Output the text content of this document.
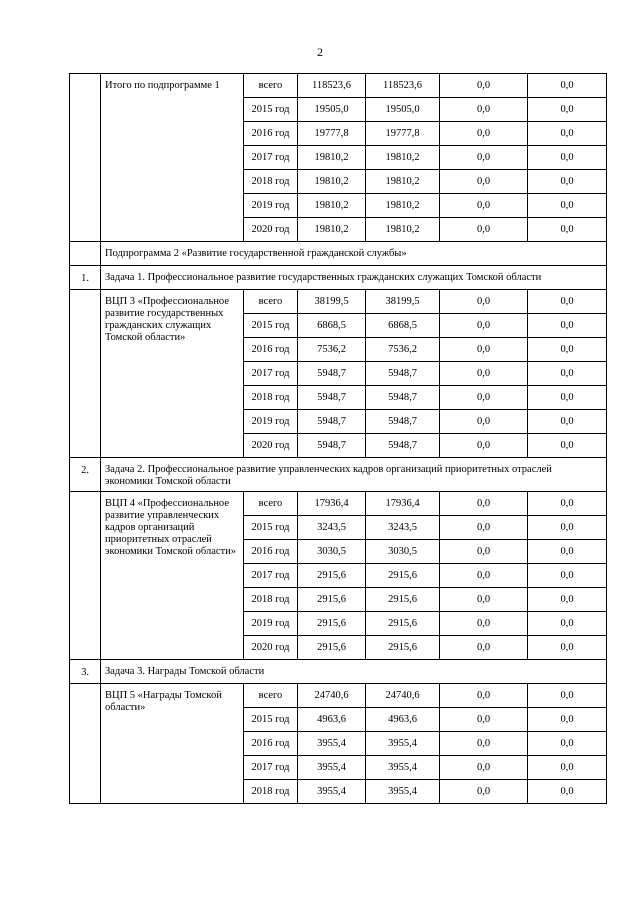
2
	Итого по подпрограмме 1	всего	118523,6	118523,6	0,0	0,0
		2015 год	19505,0	19505,0	0,0	0,0
		2016 год	19777,8	19777,8	0,0	0,0
		2017 год	19810,2	19810,2	0,0	0,0
		2018 год	19810,2	19810,2	0,0	0,0
		2019 год	19810,2	19810,2	0,0	0,0
		2020 год	19810,2	19810,2	0,0	0,0
	Подпрограмма 2 «Развитие государственной гражданской службы»					
1.	Задача 1. Профессиональное развитие государственных гражданских служащих Томской области					
	ВЦП 3 «Профессиональное развитие государственных гражданских служащих Томской области»	всего	38199,5	38199,5	0,0	0,0
		2015 год	6868,5	6868,5	0,0	0,0
		2016 год	7536,2	7536,2	0,0	0,0
		2017 год	5948,7	5948,7	0,0	0,0
		2018 год	5948,7	5948,7	0,0	0,0
		2019 год	5948,7	5948,7	0,0	0,0
		2020 год	5948,7	5948,7	0,0	0,0
2.	Задача 2. Профессиональное развитие управленческих кадров организаций приоритетных отраслей экономики Томской области					
	ВЦП 4 «Профессиональное развитие управленческих кадров организаций приоритетных отраслей экономики Томской области»	всего	17936,4	17936,4	0,0	0,0
		2015 год	3243,5	3243,5	0,0	0,0
		2016 год	3030,5	3030,5	0,0	0,0
		2017 год	2915,6	2915,6	0,0	0,0
		2018 год	2915,6	2915,6	0,0	0,0
		2019 год	2915,6	2915,6	0,0	0,0
		2020 год	2915,6	2915,6	0,0	0,0
3.	Задача 3. Награды Томской области					
	ВЦП 5 «Награды Томской области»	всего	24740,6	24740,6	0,0	0,0
		2015 год	4963,6	4963,6	0,0	0,0
		2016 год	3955,4	3955,4	0,0	0,0
		2017 год	3955,4	3955,4	0,0	0,0
		2018 год	3955,4	3955,4	0,0	0,0
